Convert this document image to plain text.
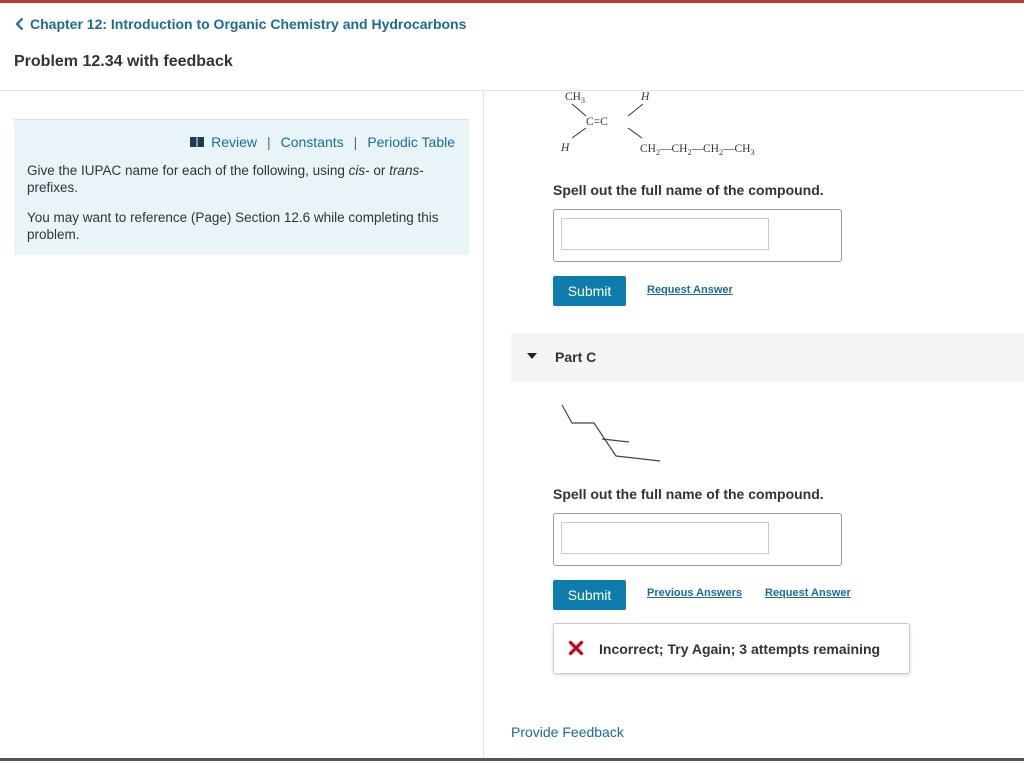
Chapter 12: Introduction to Organic Chemistry and Hydrocarbons
Problem 12.34 with feedback
Review | Constants | Periodic Table
Give the IUPAC name for each of the following, using cis- or trans-prefixes.
You may want to reference (Page) Section 12.6 while completing this problem.
$CH_3$	H
C=C
H	$CH_2—CH_2—CH_2—CH_3$
Spell out the full name of the compound.
Submit	Request Answer
Part C
Spell out the full name of the compound.
Submit	Previous Answers Request Answer
Incorrect; Try Again; 3 attempts remaining
Provide Feedback
